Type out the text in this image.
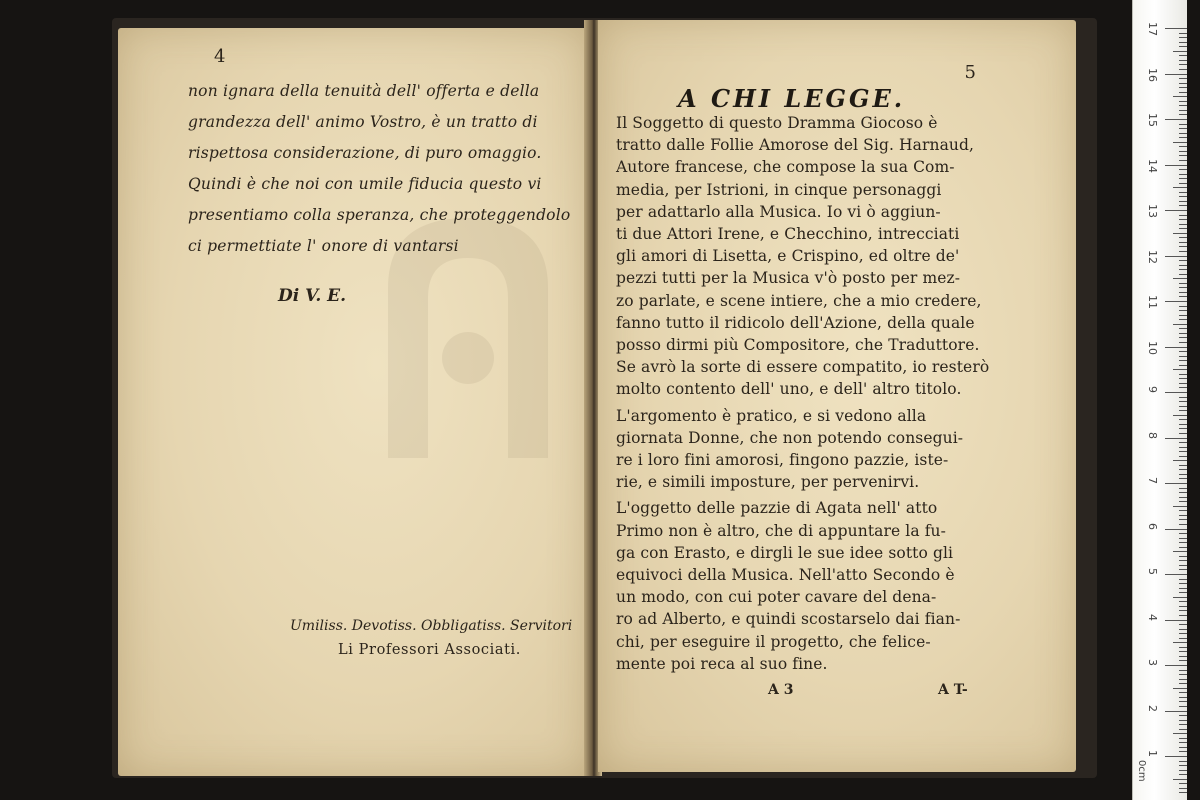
4
non ignara della tenuità dell' offerta e della
grandezza dell' animo Vostro, è un tratto di
rispettosa considerazione, di puro omaggio.
Quindi è che noi con umile fiducia questo vi
presentiamo colla speranza, che proteggendolo
ci permettiate l' onore di vantarsi
Di V. E.
Umiliss. Devotiss. Obbligatiss. Servitori
Li Professori Associati.
A CHI LEGGE.
5
Il Soggetto di questo Dramma Giocoso è
tratto dalle Follie Amorose del Sig. Harnaud,
Autore francese, che compose la sua Com-
media, per Istrioni, in cinque personaggi
per adattarlo alla Musica. Io vi ò aggiun-
ti due Attori Irene, e Checchino, intrecciati
gli amori di Lisetta, e Crispino, ed oltre de'
pezzi tutti per la Musica v'ò posto per mez-
zo parlate, e scene intiere, che a mio credere,
fanno tutto il ridicolo dell'Azione, della quale
posso dirmi più Compositore, che Traduttore.
Se avrò la sorte di essere compatito, io resterò
molto contento dell' uno, e dell' altro titolo.
L'argomento è pratico, e si vedono alla
giornata Donne, che non potendo consegui-
re i loro fini amorosi, fingono pazzie, iste-
rie, e simili imposture, per pervenirvi.
L'oggetto delle pazzie di Agata nell' atto
Primo non è altro, che di appuntare la fu-
ga con Erasto, e dirgli le sue idee sotto gli
equivoci della Musica. Nell'atto Secondo è
un modo, con cui poter cavare del dena-
ro ad Alberto, e quindi scostarselo dai fian-
chi, per eseguire il progetto, che felice-
mente poi reca al suo fine.
A 3	A T-
0cm
17
16
15
14
13
12
11
10
9
8
7
6
5
4
3
2
1
